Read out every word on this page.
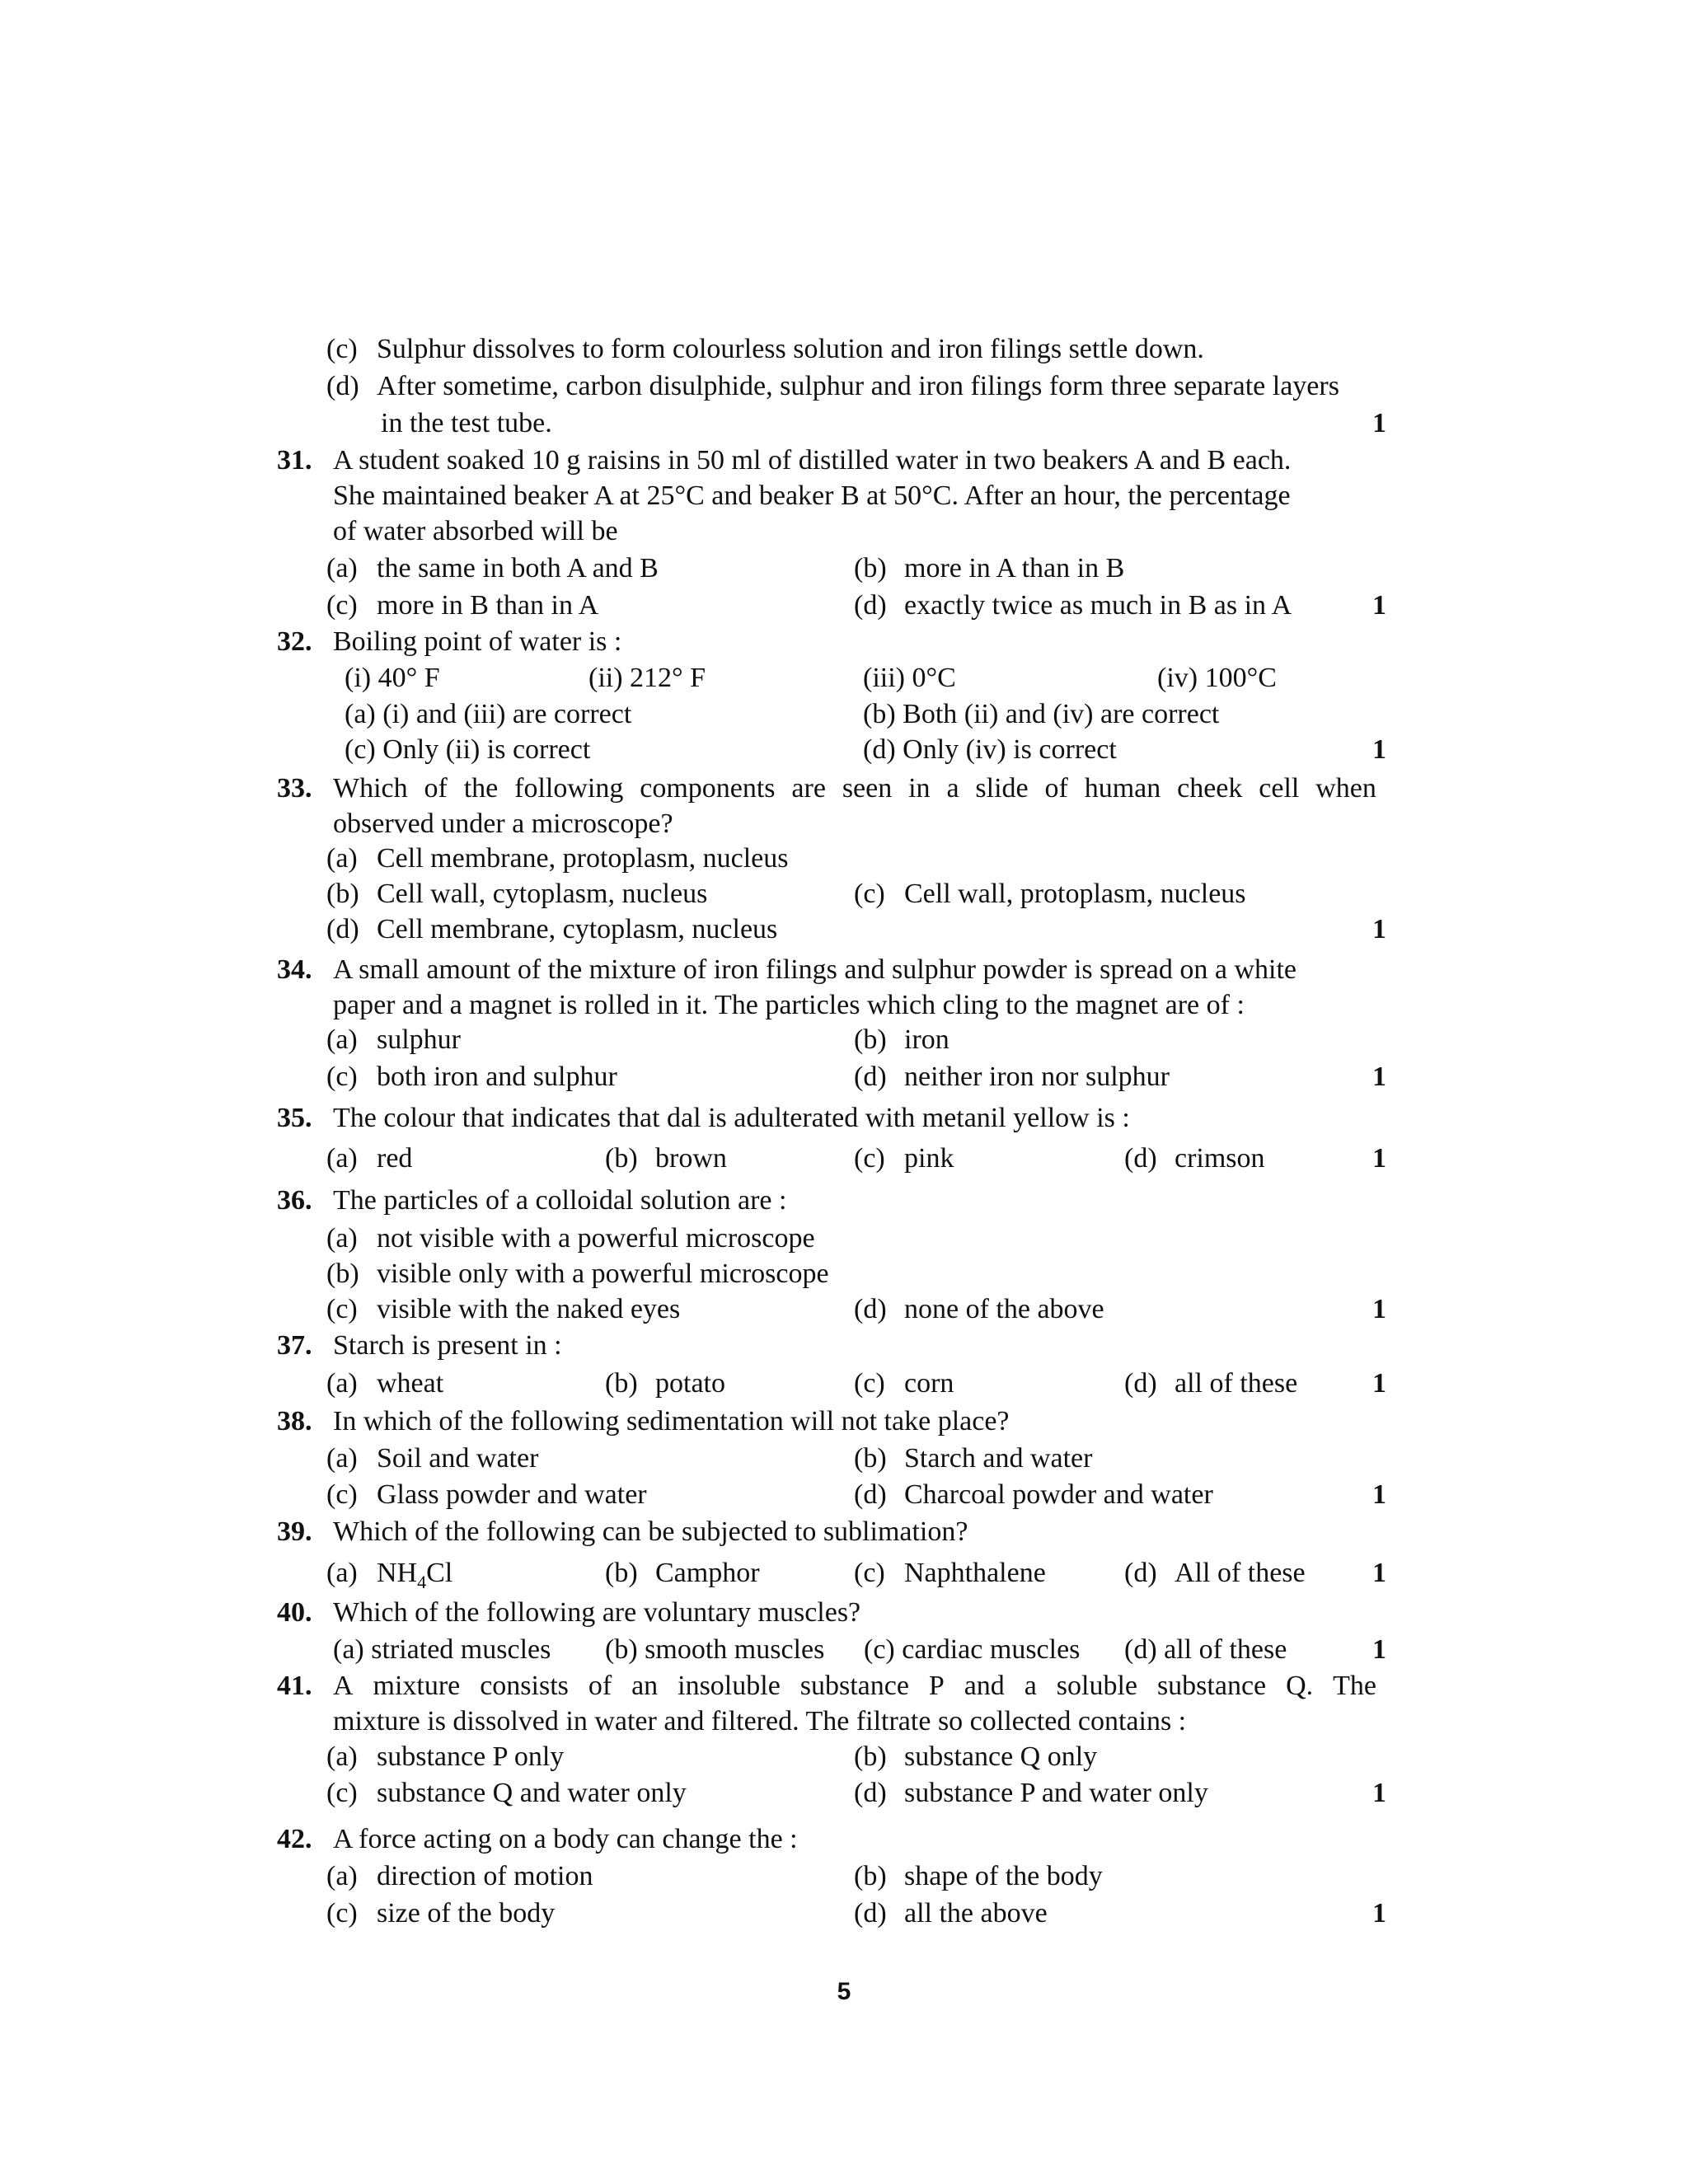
(c) Sulphur dissolves to form colourless solution and iron filings settle down.
(d) After sometime, carbon disulphide, sulphur and iron filings form three separate layers
in the test tube.	1
31. A student soaked 10 g raisins in 50 ml of distilled water in two beakers A and B each.
She maintained beaker A at 25°C and beaker B at 50°C. After an hour, the percentage
of water absorbed will be
(a) the same in both A and B	(b) more in A than in B
(c) more in B than in A	(d) exactly twice as much in B as in A	1
32. Boiling point of water is :
(i) 40° F	(ii) 212° F	(iii) 0°C	(iv) 100°C
(a) (i) and (iii) are correct	(b) Both (ii) and (iv) are correct
(c) Only (ii) is correct	(d) Only (iv) is correct	1
33. Which of the following components are seen in a slide of human cheek cell when
observed under a microscope?
(a) Cell membrane, protoplasm, nucleus
(b) Cell wall, cytoplasm, nucleus	(c) Cell wall, protoplasm, nucleus
(d) Cell membrane, cytoplasm, nucleus	1
34. A small amount of the mixture of iron filings and sulphur powder is spread on a white
paper and a magnet is rolled in it. The particles which cling to the magnet are of :
(a) sulphur	(b) iron
(c) both iron and sulphur	(d) neither iron nor sulphur	1
35. The colour that indicates that dal is adulterated with metanil yellow is :
(a) red	(b) brown	(c) pink	(d) crimson	1
36. The particles of a colloidal solution are :
(a) not visible with a powerful microscope
(b) visible only with a powerful microscope
(c) visible with the naked eyes	(d) none of the above	1
37. Starch is present in :
(a) wheat	(b) potato	(c) corn	(d) all of these	1
38. In which of the following sedimentation will not take place?
(a) Soil and water	(b) Starch and water
(c) Glass powder and water	(d) Charcoal powder and water	1
39. Which of the following can be subjected to sublimation?
(a) $NH_4Cl$	(b) Camphor	(c) Naphthalene	(d) All of these	1
40. Which of the following are voluntary muscles?
(a) striated muscles (b) smooth muscles (c) cardiac muscles (d) all of these	1
41. A mixture consists of an insoluble substance P and a soluble substance Q. The
mixture is dissolved in water and filtered. The filtrate so collected contains :
(a) substance P only	(b) substance Q only
(c) substance Q and water only	(d) substance P and water only	1
42. A force acting on a body can change the :
(a) direction of motion	(b) shape of the body
(c) size of the body	(d) all the above	1
5
